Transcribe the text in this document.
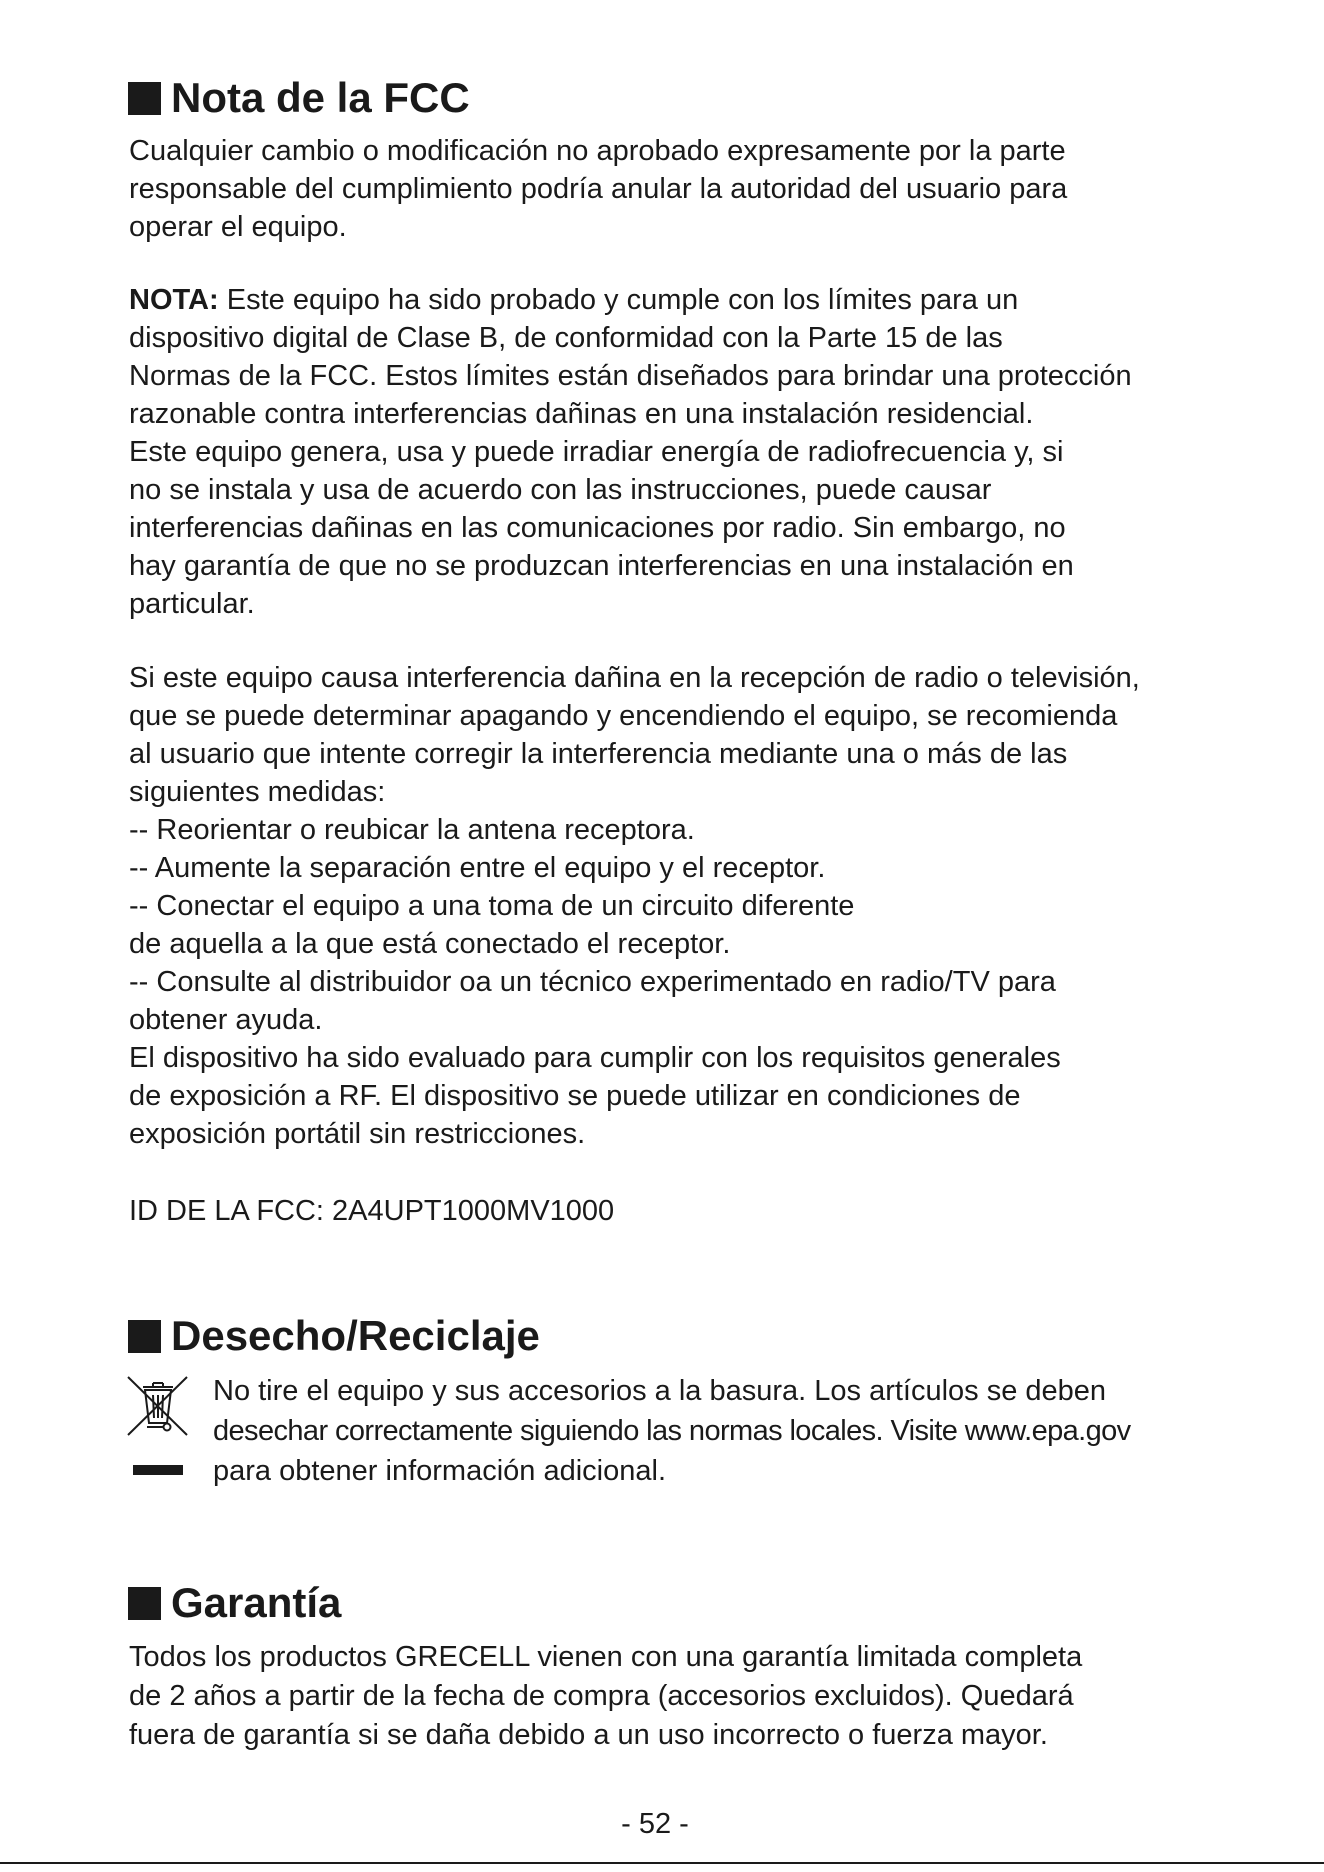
Nota de la FCC

Cualquier cambio o modificación no aprobado expresamente por la parte
responsable del cumplimiento podría anular la autoridad del usuario para
operar el equipo.

NOTA: Este equipo ha sido probado y cumple con los límites para un
dispositivo digital de Clase B, de conformidad con la Parte 15 de las
Normas de la FCC. Estos límites están diseñados para brindar una protección
razonable contra interferencias dañinas en una instalación residencial.
Este equipo genera, usa y puede irradiar energía de radiofrecuencia y, si
no se instala y usa de acuerdo con las instrucciones, puede causar
interferencias dañinas en las comunicaciones por radio. Sin embargo, no
hay garantía de que no se produzcan interferencias en una instalación en
particular.

Si este equipo causa interferencia dañina en la recepción de radio o televisión,
que se puede determinar apagando y encendiendo el equipo, se recomienda
al usuario que intente corregir la interferencia mediante una o más de las
siguientes medidas:
-- Reorientar o reubicar la antena receptora.
-- Aumente la separación entre el equipo y el receptor.
-- Conectar el equipo a una toma de un circuito diferente
de aquella a la que está conectado el receptor.
-- Consulte al distribuidor oa un técnico experimentado en radio/TV para
obtener ayuda.
El dispositivo ha sido evaluado para cumplir con los requisitos generales
de exposición a RF. El dispositivo se puede utilizar en condiciones de
exposición portátil sin restricciones.

ID DE LA FCC: 2A4UPT1000MV1000

Desecho/Reciclaje

No tire el equipo y sus accesorios a la basura. Los artículos se deben
desechar correctamente siguiendo las normas locales. Visite www.epa.gov
para obtener información adicional.

Garantía

Todos los productos GRECELL vienen con una garantía limitada completa
de 2 años a partir de la fecha de compra (accesorios excluidos). Quedará
fuera de garantía si se daña debido a un uso incorrecto o fuerza mayor.

- 52 -
